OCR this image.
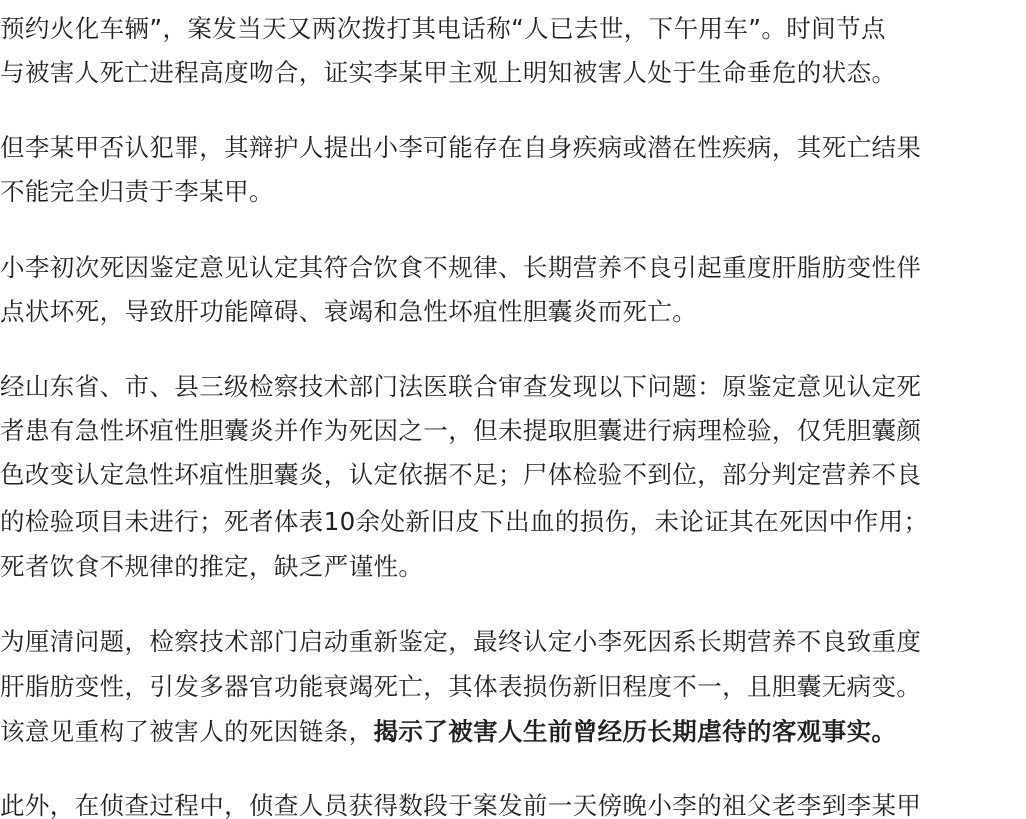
预约火化车辆”，案发当天又两次拨打其电话称“人已去世，下午用车”。时间节点
与被害人死亡进程高度吻合，证实李某甲主观上明知被害人处于生命垂危的状态。
但李某甲否认犯罪，其辩护人提出小李可能存在自身疾病或潜在性疾病，其死亡结果
不能完全归责于李某甲。
小李初次死因鉴定意见认定其符合饮食不规律、长期营养不良引起重度肝脂肪变性伴
点状坏死，导致肝功能障碍、衰竭和急性坏疽性胆囊炎而死亡。
经山东省、市、县三级检察技术部门法医联合审查发现以下问题：原鉴定意见认定死
者患有急性坏疽性胆囊炎并作为死因之一，但未提取胆囊进行病理检验，仅凭胆囊颜
色改变认定急性坏疽性胆囊炎，认定依据不足；尸体检验不到位，部分判定营养不良
的检验项目未进行；死者体表10余处新旧皮下出血的损伤，未论证其在死因中作用；
死者饮食不规律的推定，缺乏严谨性。
为厘清问题，检察技术部门启动重新鉴定，最终认定小李死因系长期营养不良致重度
肝脂肪变性，引发多器官功能衰竭死亡，其体表损伤新旧程度不一，且胆囊无病变。
该意见重构了被害人的死因链条，揭示了被害人生前曾经历长期虐待的客观事实。
此外，在侦查过程中，侦查人员获得数段于案发前一天傍晚小李的祖父老李到李某甲
